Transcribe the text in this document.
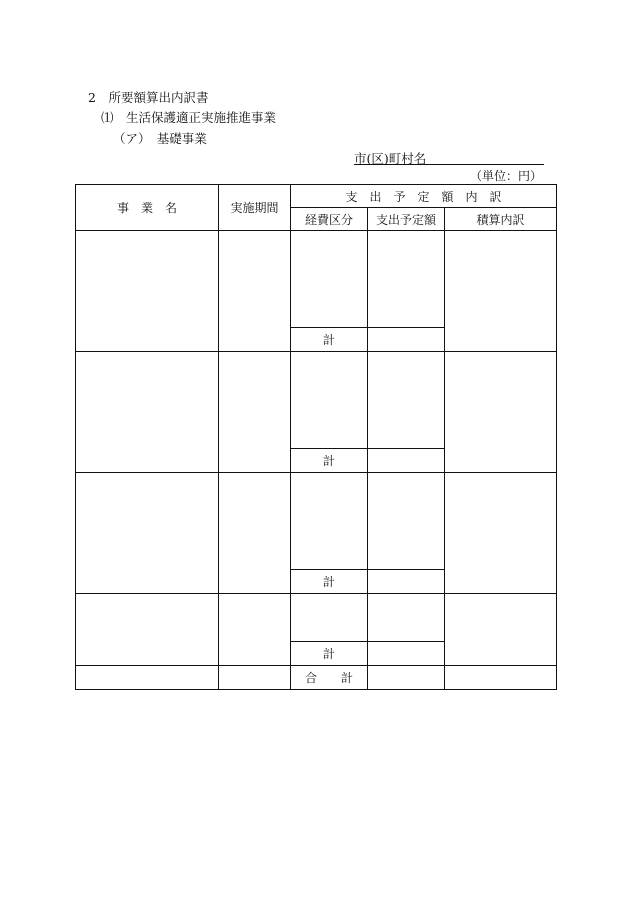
2　所要額算出内訳書
⑴　生活保護適正実施推進事業
（ア）　基礎事業
市(区)町村名
（単位：円）
事　業　名	実施期間	支　出　予　定　額　内　訳		
		経費区分	支出予定額	積算内訳

		計		

		計		

		計		

		計		
		合　　計		
